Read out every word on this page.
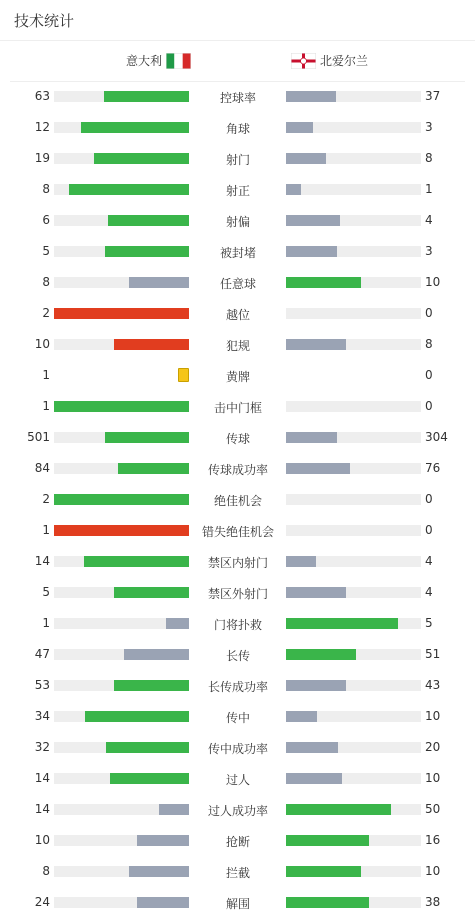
技术统计
意大利	北爱尔兰
63	控球率	37
12	角球	3
19	射门	8
8	射正	1
6	射偏	4
5	被封堵	3
8	任意球	10
2	越位	0
10	犯规	8
1	黄牌	0
1	击中门框	0
501	传球	304
84	传球成功率	76
2	绝佳机会	0
1	错失绝佳机会	0
14	禁区内射门	4
5	禁区外射门	4
1	门将扑救	5
47	长传	51
53	长传成功率	43
34	传中	10
32	传中成功率	20
14	过人	10
14	过人成功率	50
10	抢断	16
8	拦截	10
24	解围	38
